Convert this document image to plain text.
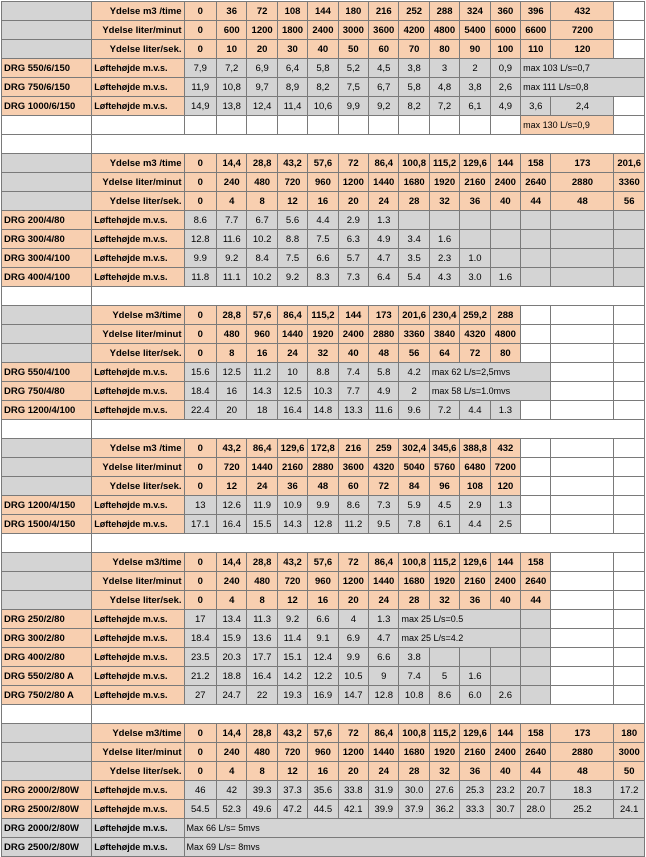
	Ydelse m3 /time	0	36	72	108	144	180	216	252	288	324	360	396	432	
	Ydelse liter/minut	0	600	1200	1800	2400	3000	3600	4200	4800	5400	6000	6600	7200	
	Ydelse liter/sek.	0	10	20	30	40	50	60	70	80	90	100	110	120	
DRG 550/6/150	Løftehøjde m.v.s.	7,9	7,2	6,9	6,4	5,8	5,2	4,5	3,8	3	2	0,9	max 103 L/s=0,7		
DRG 750/6/150	Løftehøjde m.v.s.	11,9	10,8	9,7	8,9	8,2	7,5	6,7	5,8	4,8	3,8	2,6	max 111 L/s=0,8		
DRG 1000/6/150	Løftehøjde m.v.s.	14,9	13,8	12,4	11,4	10,6	9,9	9,2	8,2	7,2	6,1	4,9	3,6	2,4	
													max 130 L/s=0,9		

	Ydelse m3 /time	0	14,4	28,8	43,2	57,6	72	86,4	100,8	115,2	129,6	144	158	173	201,6
	Ydelse liter/minut	0	240	480	720	960	1200	1440	1680	1920	2160	2400	2640	2880	3360
	Ydelse liter/sek.	0	4	8	12	16	20	24	28	32	36	40	44	48	56
DRG 200/4/80	Løftehøjde m.v.s.	8.6	7.7	6.7	5.6	4.4	2.9	1.3							
DRG 300/4/80	Løftehøjde m.v.s.	12.8	11.6	10.2	8.8	7.5	6.3	4.9	3.4	1.6					
DRG 300/4/100	Løftehøjde m.v.s.	9.9	9.2	8.4	7.5	6.6	5.7	4.7	3.5	2.3	1.0				
DRG 400/4/100	Løftehøjde m.v.s.	11.8	11.1	10.2	9.2	8.3	7.3	6.4	5.4	4.3	3.0	1.6			

	Ydelse m3/time	0	28,8	57,6	86,4	115,2	144	173	201,6	230,4	259,2	288			
	Ydelse liter/minut	0	480	960	1440	1920	2400	2880	3360	3840	4320	4800			
	Ydelse liter/sek.	0	8	16	24	32	40	48	56	64	72	80			
DRG 550/4/100	Løftehøjde m.v.s.	15.6	12.5	11.2	10	8.8	7.4	5.8	4.2	max 62 L/s=2,5mvs					
DRG 750/4/80	Løftehøjde m.v.s.	18.4	16	14.3	12.5	10.3	7.7	4.9	2	max 58 L/s=1.0mvs					
DRG 1200/4/100	Løftehøjde m.v.s.	22.4	20	18	16.4	14.8	13.3	11.6	9.6	7.2	4.4	1.3			

	Ydelse m3 /time	0	43,2	86,4	129,6	172,8	216	259	302,4	345,6	388,8	432			
	Ydelse liter/minut	0	720	1440	2160	2880	3600	4320	5040	5760	6480	7200			
	Ydelse liter/sek.	0	12	24	36	48	60	72	84	96	108	120			
DRG 1200/4/150	Løftehøjde m.v.s.	13	12.6	11.9	10.9	9.9	8.6	7.3	5.9	4.5	2.9	1.3			
DRG 1500/4/150	Løftehøjde m.v.s.	17.1	16.4	15.5	14.3	12.8	11.2	9.5	7.8	6.1	4.4	2.5			

	Ydelse m3/time	0	14,4	28,8	43,2	57,6	72	86,4	100,8	115,2	129,6	144	158		
	Ydelse liter/minut	0	240	480	720	960	1200	1440	1680	1920	2160	2400	2640		
	Ydelse liter/sek.	0	4	8	12	16	20	24	28	32	36	40	44		
DRG 250/2/80	Løftehøjde m.v.s.	17	13.4	11.3	9.2	6.6	4	1.3	max 25 L/s=0.5						
DRG 300/2/80	Løftehøjde m.v.s.	18.4	15.9	13.6	11.4	9.1	6.9	4.7	max 25 L/s=4.2						
DRG 400/2/80	Løftehøjde m.v.s.	23.5	20.3	17.7	15.1	12.4	9.9	6.6	3.8						
DRG 550/2/80 A	Løftehøjde m.v.s.	21.2	18.8	16.4	14.2	12.2	10.5	9	7.4	5	1.6				
DRG 750/2/80 A	Løftehøjde m.v.s.	27	24.7	22	19.3	16.9	14.7	12.8	10.8	8.6	6.0	2.6			

	Ydelse m3/time	0	14,4	28,8	43,2	57,6	72	86,4	100,8	115,2	129,6	144	158	173	180
	Ydelse liter/minut	0	240	480	720	960	1200	1440	1680	1920	2160	2400	2640	2880	3000
	Ydelse liter/sek.	0	4	8	12	16	20	24	28	32	36	40	44	48	50
DRG 2000/2/80W	Løftehøjde m.v.s.	46	42	39.3	37.3	35.6	33.8	31.9	30.0	27.6	25.3	23.2	20.7	18.3	17.2
DRG 2500/2/80W	Løftehøjde m.v.s.	54.5	52.3	49.6	47.2	44.5	42.1	39.9	37.9	36.2	33.3	30.7	28.0	25.2	24.1
DRG 2000/2/80W	Løftehøjde m.v.s.	Max 66 L/s= 5mvs													
DRG 2500/2/80W	Løftehøjde m.v.s.	Max 69 L/s= 8mvs													
